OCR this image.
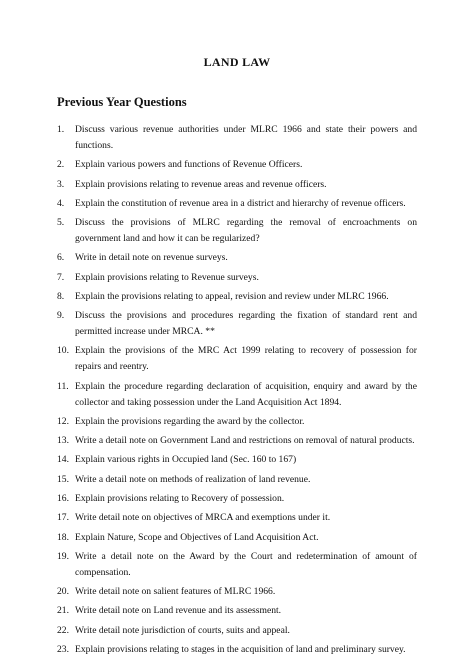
LAND LAW
Previous Year Questions
1.	Discuss various revenue authorities under MLRC 1966 and state their powers and functions.
2.	Explain various powers and functions of Revenue Officers.
3.	Explain provisions relating to revenue areas and revenue officers.
4.	Explain the constitution of revenue area in a district and hierarchy of revenue officers.
5.	Discuss the provisions of MLRC regarding the removal of encroachments on government land and how it can be regularized?
6.	Write in detail note on revenue surveys.
7.	Explain provisions relating to Revenue surveys.
8.	Explain the provisions relating to appeal, revision and review under MLRC 1966.
9.	Discuss the provisions and procedures regarding the fixation of standard rent and permitted increase under MRCA. **
10. Explain the provisions of the MRC Act 1999 relating to recovery of possession for repairs and reentry.
11. Explain the procedure regarding declaration of acquisition, enquiry and award by the collector and taking possession under the Land Acquisition Act 1894.
12. Explain the provisions regarding the award by the collector.
13. Write a detail note on Government Land and restrictions on removal of natural products.
14. Explain various rights in Occupied land (Sec. 160 to 167)
15. Write a detail note on methods of realization of land revenue.
16. Explain provisions relating to Recovery of possession.
17. Write detail note on objectives of MRCA and exemptions under it.
18. Explain Nature, Scope and Objectives of Land Acquisition Act.
19. Write a detail note on the Award by the Court and redetermination of amount of compensation.
20. Write detail note on salient features of MLRC 1966.
21. Write detail note on Land revenue and its assessment.
22. Write detail note jurisdiction of courts, suits and appeal.
23. Explain provisions relating to stages in the acquisition of land and preliminary survey.
